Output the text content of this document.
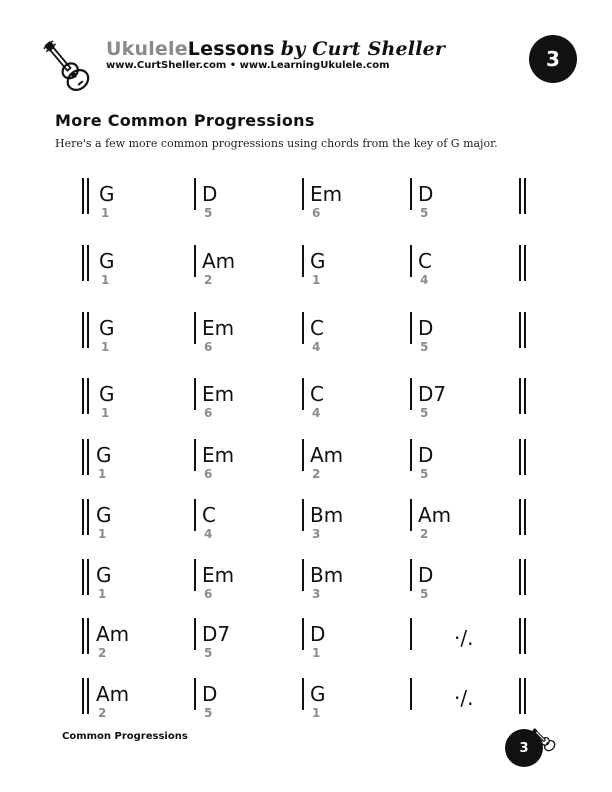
UkuleleLessons by Curt Sheller
www.CurtSheller.com • www.LearningUkulele.com	3
More Common Progressions
Here's a few more common progressions using chords from the key of G major.
G
1
D
5
Em
6
D
5
G
1
Am
2
G
1
C
4
G
1
Em
6
C
4
D
5
G
1
Em
6
C
4
D7
5
G
1
Em
6
Am
2
D
5
G
1
C
4
Bm
3
Am
2
G
1
Em
6
Bm
3
D
5
Am
2
D7
5
D
1
·/.
Am
2
D
5
G
1
·/.
Common Progressions
3
